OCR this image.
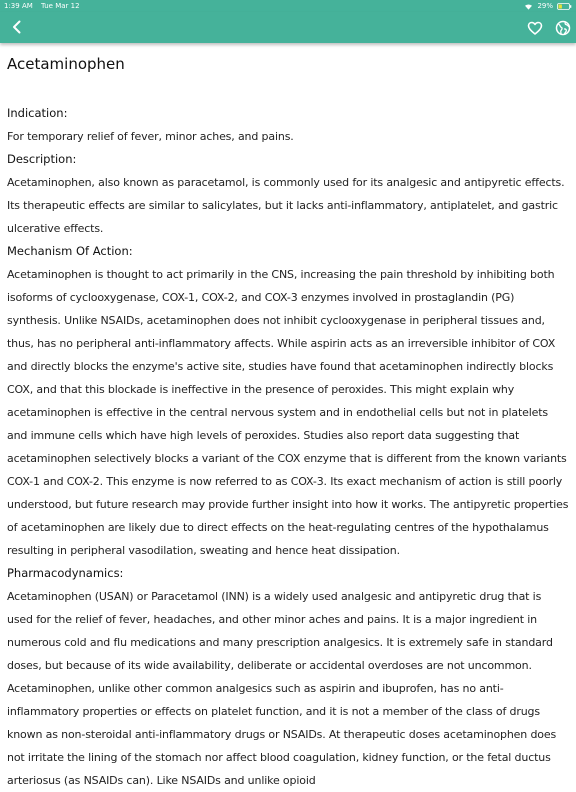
1:39 AM Tue Mar 12	29%
Acetaminophen

Indication:

For temporary relief of fever, minor aches, and pains.

Description:

Acetaminophen, also known as paracetamol, is commonly used for its analgesic and antipyretic effects. Its therapeutic effects are similar to salicylates, but it lacks anti-inflammatory, antiplatelet, and gastric ulcerative effects.

Mechanism Of Action:

Acetaminophen is thought to act primarily in the CNS, increasing the pain threshold by inhibiting both isoforms of cyclooxygenase, COX-1, COX-2, and COX-3 enzymes involved in prostaglandin (PG) synthesis. Unlike NSAIDs, acetaminophen does not inhibit cyclooxygenase in peripheral tissues and, thus, has no peripheral anti-inflammatory affects. While aspirin acts as an irreversible inhibitor of COX and directly blocks the enzyme's active site, studies have found that acetaminophen indirectly blocks COX, and that this blockade is ineffective in the presence of peroxides. This might explain why acetaminophen is effective in the central nervous system and in endothelial cells but not in platelets and immune cells which have high levels of peroxides. Studies also report data suggesting that acetaminophen selectively blocks a variant of the COX enzyme that is different from the known variants COX-1 and COX-2. This enzyme is now referred to as COX-3. Its exact mechanism of action is still poorly understood, but future research may provide further insight into how it works. The antipyretic properties of acetaminophen are likely due to direct effects on the heat-regulating centres of the hypothalamus resulting in peripheral vasodilation, sweating and hence heat dissipation.

Pharmacodynamics:

Acetaminophen (USAN) or Paracetamol (INN) is a widely used analgesic and antipyretic drug that is used for the relief of fever, headaches, and other minor aches and pains. It is a major ingredient in numerous cold and flu medications and many prescription analgesics. It is extremely safe in standard doses, but because of its wide availability, deliberate or accidental overdoses are not uncommon. Acetaminophen, unlike other common analgesics such as aspirin and ibuprofen, has no anti-inflammatory properties or effects on platelet function, and it is not a member of the class of drugs known as non-steroidal anti-inflammatory drugs or NSAIDs. At therapeutic doses acetaminophen does not irritate the lining of the stomach nor affect blood coagulation, kidney function, or the fetal ductus arteriosus (as NSAIDs can). Like NSAIDs and unlike opioid
